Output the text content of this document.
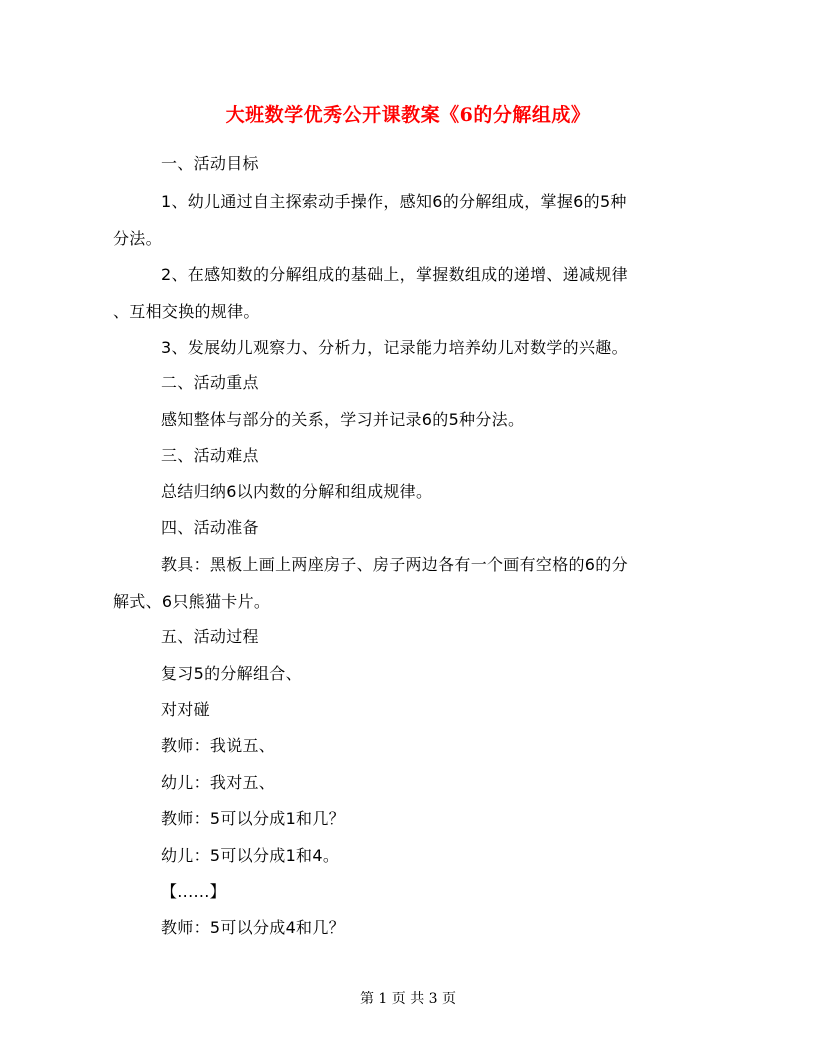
大班数学优秀公开课教案《6的分解组成》
一、活动目标
1、幼儿通过自主探索动手操作，感知6的分解组成，掌握6的5种
分法。
2、在感知数的分解组成的基础上，掌握数组成的递增、递减规律
、互相交换的规律。
3、发展幼儿观察力、分析力，记录能力培养幼儿对数学的兴趣。
二、活动重点
感知整体与部分的关系，学习并记录6的5种分法。
三、活动难点
总结归纳6以内数的分解和组成规律。
四、活动准备
教具：黑板上画上两座房子、房子两边各有一个画有空格的6的分
解式、6只熊猫卡片。
五、活动过程
复习5的分解组合、
对对碰
教师：我说五、
幼儿：我对五、
教师：5可以分成1和几？
幼儿：5可以分成1和4。
【......】
教师：5可以分成4和几？
第 1 页 共 3 页
